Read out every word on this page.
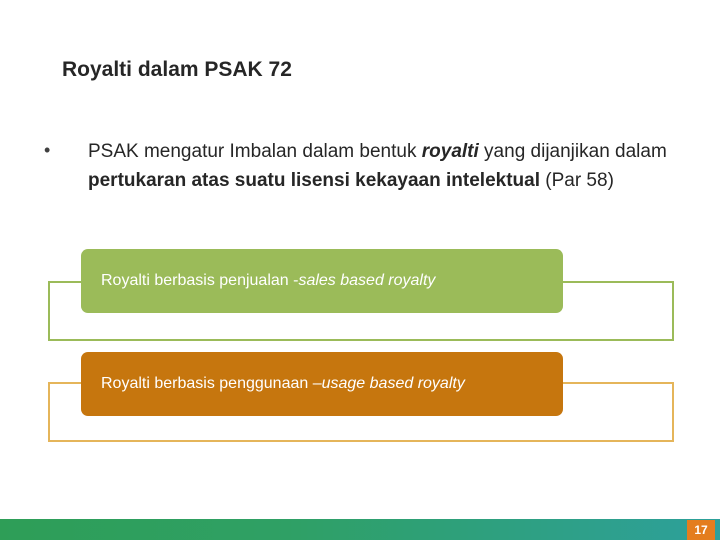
Royalti dalam PSAK 72
• PSAK mengatur Imbalan dalam bentuk royalti yang dijanjikan dalam pertukaran atas suatu lisensi kekayaan intelektual (Par 58)
Royalti berbasis penjualan - sales based royalty
Royalti berbasis penggunaan – usage based royalty
17
